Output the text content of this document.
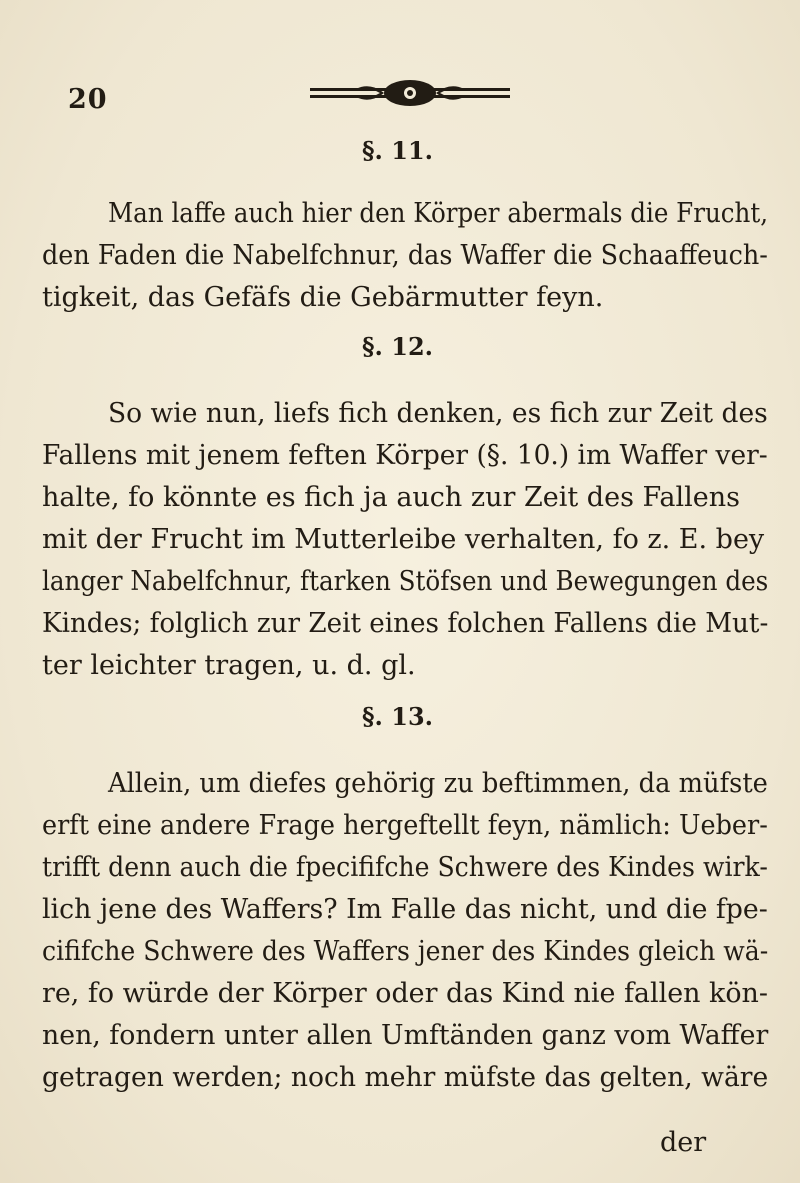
20
§. 11.
Man laffe auch hier den Körper abermals die Frucht,
den Faden die Nabelfchnur, das Waffer die Schaaffeuch-
tigkeit, das Gefäfs die Gebärmutter feyn.
§. 12.
So wie nun, liefs fich denken, es fich zur Zeit des
Fallens mit jenem feften Körper (§. 10.) im Waffer ver-
halte, fo könnte es fich ja auch zur Zeit des Fallens
mit der Frucht im Mutterleibe verhalten, fo z. E. bey
langer Nabelfchnur, ftarken Stöfsen und Bewegungen des
Kindes; folglich zur Zeit eines folchen Fallens die Mut-
ter leichter tragen, u. d. gl.
§. 13.
Allein, um diefes gehörig zu beftimmen, da müfste
erft eine andere Frage hergeftellt feyn, nämlich: Ueber-
trifft denn auch die fpecififche Schwere des Kindes wirk-
lich jene des Waffers? Im Falle das nicht, und die fpe-
cififche Schwere des Waffers jener des Kindes gleich wä-
re, fo würde der Körper oder das Kind nie fallen kön-
nen, fondern unter allen Umftänden ganz vom Waffer
getragen werden; noch mehr müfste das gelten, wäre
der
